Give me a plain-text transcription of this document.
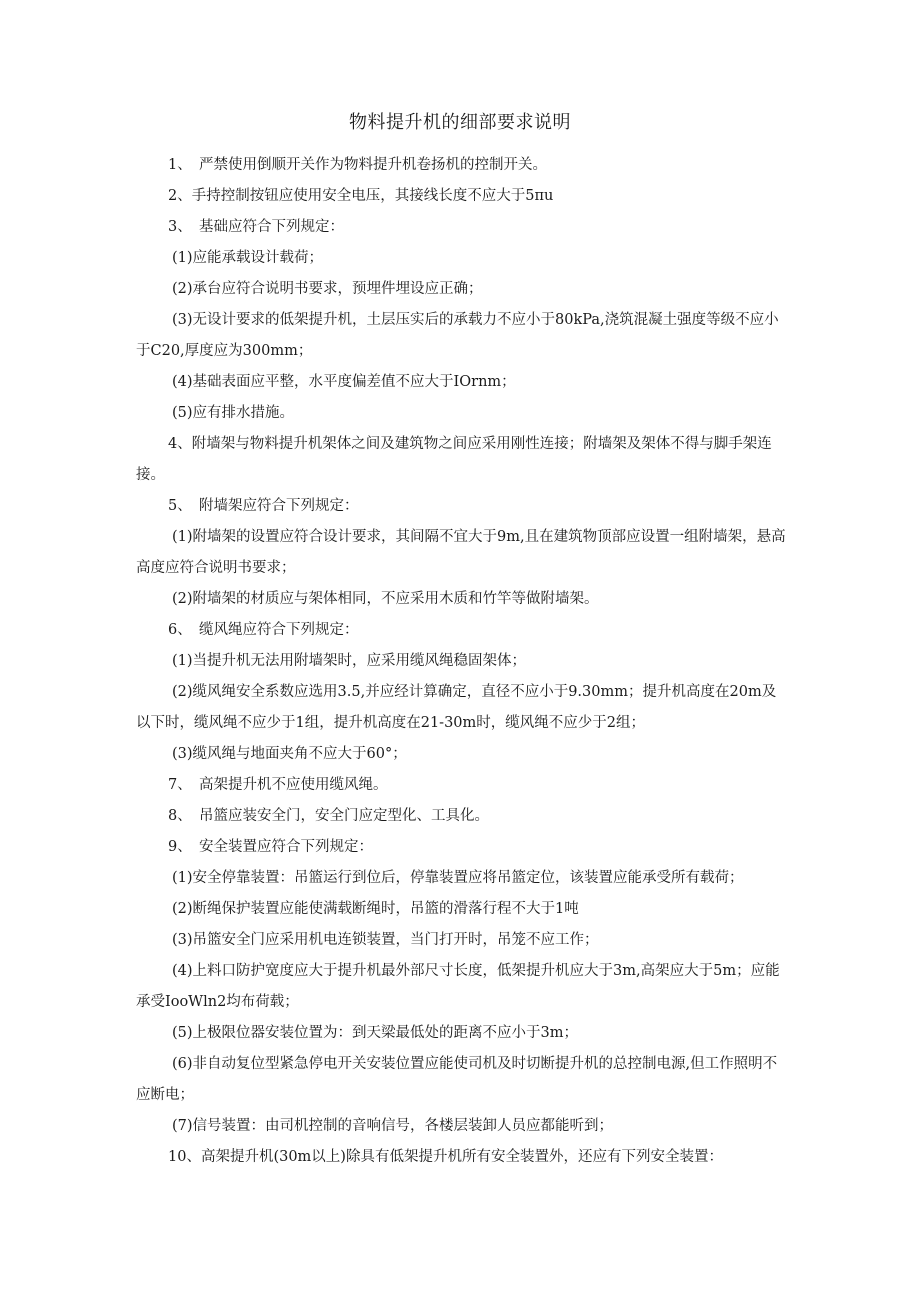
物料提升机的细部要求说明

1、　严禁使用倒顺开关作为物料提升机卷扬机的控制开关。

2、手持控制按钮应使用安全电压，其接线长度不应大于5πu

3、　基础应符合下列规定：

(1)应能承载设计载荷；

(2)承台应符合说明书要求，预埋件埋设应正确；

(3)无设计要求的低架提升机，土层压实后的承载力不应小于80kPa,浇筑混凝土强度等级不应小于C20,厚度应为300mm；

(4)基础表面应平整，水平度偏差值不应大于IOrnm；

(5)应有排水措施。

4、附墙架与物料提升机架体之间及建筑物之间应采用刚性连接；附墙架及架体不得与脚手架连接。

5、　附墙架应符合下列规定：

(1)附墙架的设置应符合设计要求，其间隔不宜大于9m,且在建筑物顶部应设置一组附墙架，悬高高度应符合说明书要求；

(2)附墙架的材质应与架体相同，不应采用木质和竹竿等做附墙架。

6、　缆风绳应符合下列规定：

(1)当提升机无法用附墙架时，应采用缆风绳稳固架体；

(2)缆风绳安全系数应选用3.5,并应经计算确定，直径不应小于9.30mm；提升机高度在20m及以下时，缆风绳不应少于1组，提升机高度在21-30m时，缆风绳不应少于2组；

(3)缆风绳与地面夹角不应大于60°；

7、　高架提升机不应使用缆风绳。

8、　吊篮应装安全门，安全门应定型化、工具化。

9、　安全装置应符合下列规定：

(1)安全停靠装置：吊篮运行到位后，停靠装置应将吊篮定位，该装置应能承受所有载荷；

(2)断绳保护装置应能使满载断绳时，吊篮的滑落行程不大于1吨

(3)吊篮安全门应采用机电连锁装置，当门打开时，吊笼不应工作；

(4)上料口防护宽度应大于提升机最外部尺寸长度，低架提升机应大于3m,高架应大于5m；应能承受IooWln2均布荷载；

(5)上极限位器安装位置为：到天梁最低处的距离不应小于3m；

(6)非自动复位型紧急停电开关安装位置应能使司机及时切断提升机的总控制电源,但工作照明不应断电；

(7)信号装置：由司机控制的音响信号，各楼层装卸人员应都能听到；

10、高架提升机(30m以上)除具有低架提升机所有安全装置外，还应有下列安全装置：
